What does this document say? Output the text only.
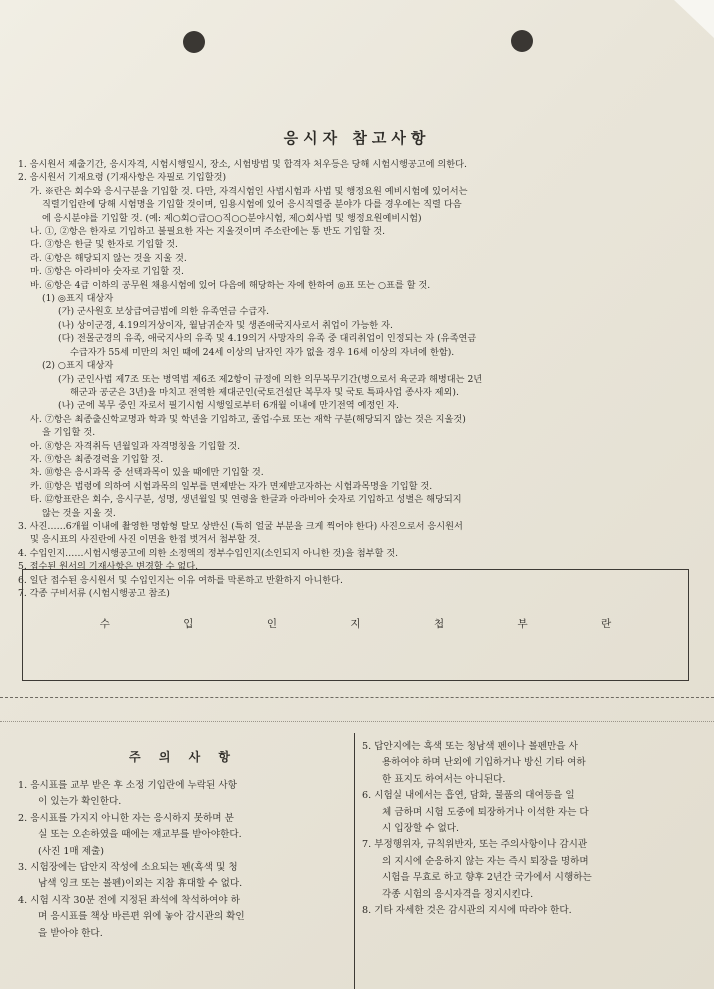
응시자 참고사항
1. 응시원서 제출기간, 응시자격, 시험시행일시, 장소, 시험방법 및 합격자 처우등은 당해 시험시행공고에 의한다.
2. 응시원서 기재요령 (기재사항은 자필로 기입할것)
가. ※란은 회수와 응시구분을 기입할 것. 다만, 자격시험인 사법시험과 사법 및 행정요원 예비시험에 있어서는
직렬기입란에 당해 시험명을 기입할 것이며, 임용시험에 있어 응시직렬중 분야가 다를 경우에는 직렬 다음
에 응시분야를 기입할 것. (예: 제○회○급○○직○○분야시험, 제○회사법 및 행정요원예비시험)
나. ①, ②항은 한자로 기입하고 불필요한 자는 지울것이며 주소란에는 통 반도 기입할 것.
다. ③항은 한글 및 한자로 기입할 것.
라. ④항은 해당되지 않는 것을 지울 것.
마. ⑤항은 아라비아 숫자로 기입할 것.
바. ⑥항은 4급 이하의 공무원 채용시험에 있어 다음에 해당하는 자에 한하여 ◎표 또는 ○표를 할 것.
(1) ◎표지 대상자
(가) 군사원호 보상급여금법에 의한 유족연금 수급자.
(나) 상이군경, 4.19의거상이자, 월남귀순자 및 생존애국지사로서 취업이 가능한 자.
(다) 전몰군경의 유족, 애국지사의 유족 및 4.19의거 사망자의 유족 중 대리취업이 인정되는 자 (유족연금
수급자가 55세 미만의 처인 때에 24세 이상의 남자인 자가 없을 경우 16세 이상의 자녀에 한함).
(2) ○표지 대상자
(가) 군인사법 제7조 또는 병역법 제6조 제2항이 규정에 의한 의무복무기간(병으로서 육군과 해병대는 2년
해군과 공군은 3년)을 마치고 전역한 제대군인(국토건설단 복무자 및 국토 특파사업 종사자 제외).
(나) 군에 복무 중인 자로서 필기시험 시행일로부터 6개월 이내에 만기전역 예정인 자.
사. ⑦항은 최종출신학교명과 학과 및 학년을 기입하고, 졸업·수료 또는 재학 구분(해당되지 않는 것은 지울것)
을 기입할 것.
아. ⑧항은 자격취득 년월일과 자격명칭을 기입할 것.
자. ⑨항은 최종경력을 기입할 것.
차. ⑩항은 응시과목 중 선택과목이 있을 때에만 기입할 것.
카. ⑪항은 법령에 의하여 시험과목의 일부를 면제받는 자가 면제받고자하는 시험과목명을 기입할 것.
타. ⑫항표란은 회수, 응시구분, 성명, 생년월일 및 연령을 한글과 아라비아 숫자로 기입하고 성별은 해당되지
않는 것을 지울 것.
3. 사진……6개월 이내에 촬영한 명함형 탈모 상반신 (특히 얼굴 부분을 크게 찍어야 한다) 사진으로서 응시원서
및 응시표의 사진란에 사진 이면을 한접 벗겨서 첨부할 것.
4. 수입인지……시험시행공고에 의한 소정액의 정부수입인지(소인되지 아니한 것)을 첨부할 것.
5. 접수된 원서의 기재사항은 변경할 수 없다.
6. 일단 접수된 응시원서 및 수입인지는 이유 여하를 막론하고 반환하지 아니한다.
7. 각종 구비서류 (시험시행공고 참조)
수	입	인	지	첩	부	란
주 의 사 항
1. 응시표를 교부 받은 후 소정 기입란에 누락된 사항
이 있는가 확인한다.
2. 응시표를 가지지 아니한 자는 응시하지 못하며 분
실 또는 오손하였을 때에는 재교부를 받아야한다.
(사진 1매 제출)
3. 시험장에는 답안지 작성에 소요되는 펜(흑색 및 청
남색 잉크 또는 볼펜)이외는 지참 휴대할 수 없다.
4. 시험 시작 30분 전에 지정된 좌석에 착석하여야 하
며 응시표를 책상 바른편 위에 놓아 감시관의 확인
을 받아야 한다.
5. 답안지에는 흑색 또는 청남색 펜이나 볼펜만을 사
용하여야 하며 난외에 기입하거나 방신 기타 여하
한 표지도 하여서는 아니된다.
6. 시험실 내에서는 흡연, 담화, 물품의 대여등을 일
체 금하며 시험 도중에 퇴장하거나 이석한 자는 다
시 입장할 수 없다.
7. 부정행위자, 규칙위반자, 또는 주의사항이나 감시관
의 지시에 순응하지 않는 자는 즉시 퇴장을 명하며
시험을 무효로 하고 향후 2년간 국가에서 시행하는
각종 시험의 응시자격을 정지시킨다.
8. 기타 자세한 것은 감시관의 지시에 따라야 한다.
